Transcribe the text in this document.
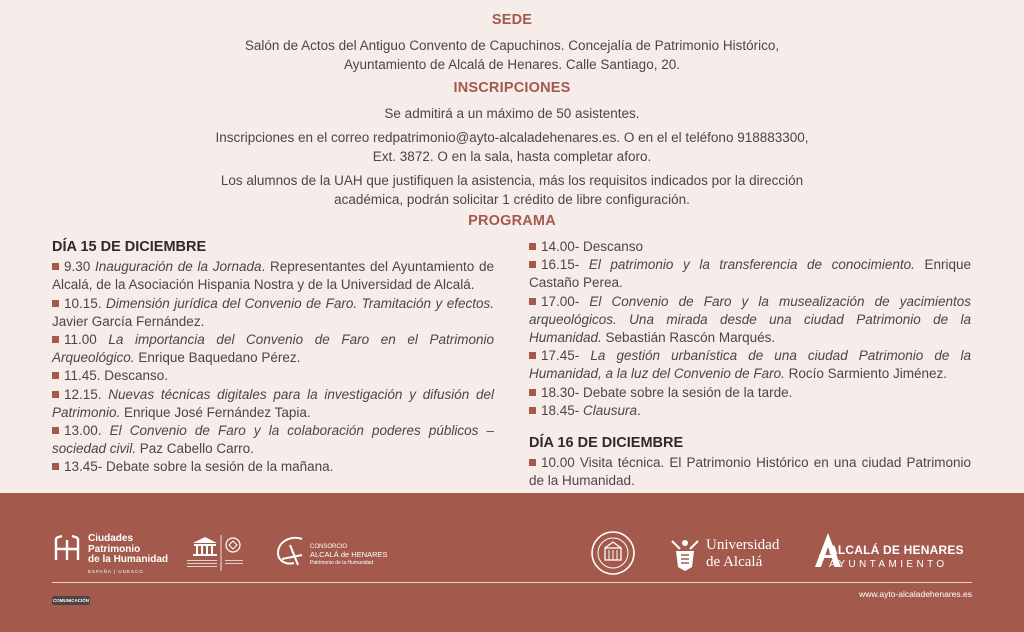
SEDE
Salón de Actos del Antiguo Convento de Capuchinos. Concejalía de Patrimonio Histórico,
Ayuntamiento de Alcalá de Henares. Calle Santiago, 20.
INSCRIPCIONES
Se admitirá a un máximo de 50 asistentes.
Inscripciones en el correo redpatrimonio@ayto-alcaladehenares.es. O en el el teléfono 918883300,
Ext. 3872. O en la sala, hasta completar aforo.
Los alumnos de la UAH que justifiquen la asistencia, más los requisitos indicados por la dirección
académica, podrán solicitar 1 crédito de libre configuración.
PROGRAMA
DÍA 15 DE DICIEMBRE

9.30 Inauguración de la Jornada. Representantes del Ayuntamiento de Alcalá, de la Asociación Hispania Nostra y de la Universidad de Alcalá.

10.15. Dimensión jurídica del Convenio de Faro. Tramitación y efectos. Javier García Fernández.

11.00 La importancia del Convenio de Faro en el Patrimonio Arqueológico. Enrique Baquedano Pérez.

11.45. Descanso.

12.15. Nuevas técnicas digitales para la investigación y difusión del Patrimonio. Enrique José Fernández Tapia.

13.00. El Convenio de Faro y la colaboración poderes públicos – sociedad civil. Paz Cabello Carro.

13.45- Debate sobre la sesión de la mañana.

14.00- Descanso

16.15- El patrimonio y la transferencia de conocimiento. Enrique Castaño Perea.

17.00- El Convenio de Faro y la musealización de yacimientos arqueológicos. Una mirada desde una ciudad Patrimonio de la Humanidad. Sebastián Rascón Marqués.

17.45- La gestión urbanística de una ciudad Patrimonio de la Humanidad, a la luz del Convenio de Faro. Rocío Sarmiento Jiménez.

18.30- Debate sobre la sesión de la tarde.

18.45- Clausura.

DÍA 16 DE DICIEMBRE

10.00 Visita técnica. El Patrimonio Histórico en una ciudad Patrimonio de la Humanidad.

Ciudades
Patrimonio
de la Humanidad
ESPAÑA | UNESCO
CONSORCIO
ALCALÁ de HENARES
Patrimonio de la Humanidad
Universidad
de Alcalá
ALCALÁ DE HENARES
AYUNTAMIENTO
COMUNICACIÓN
www.ayto-alcaladehenares.es
